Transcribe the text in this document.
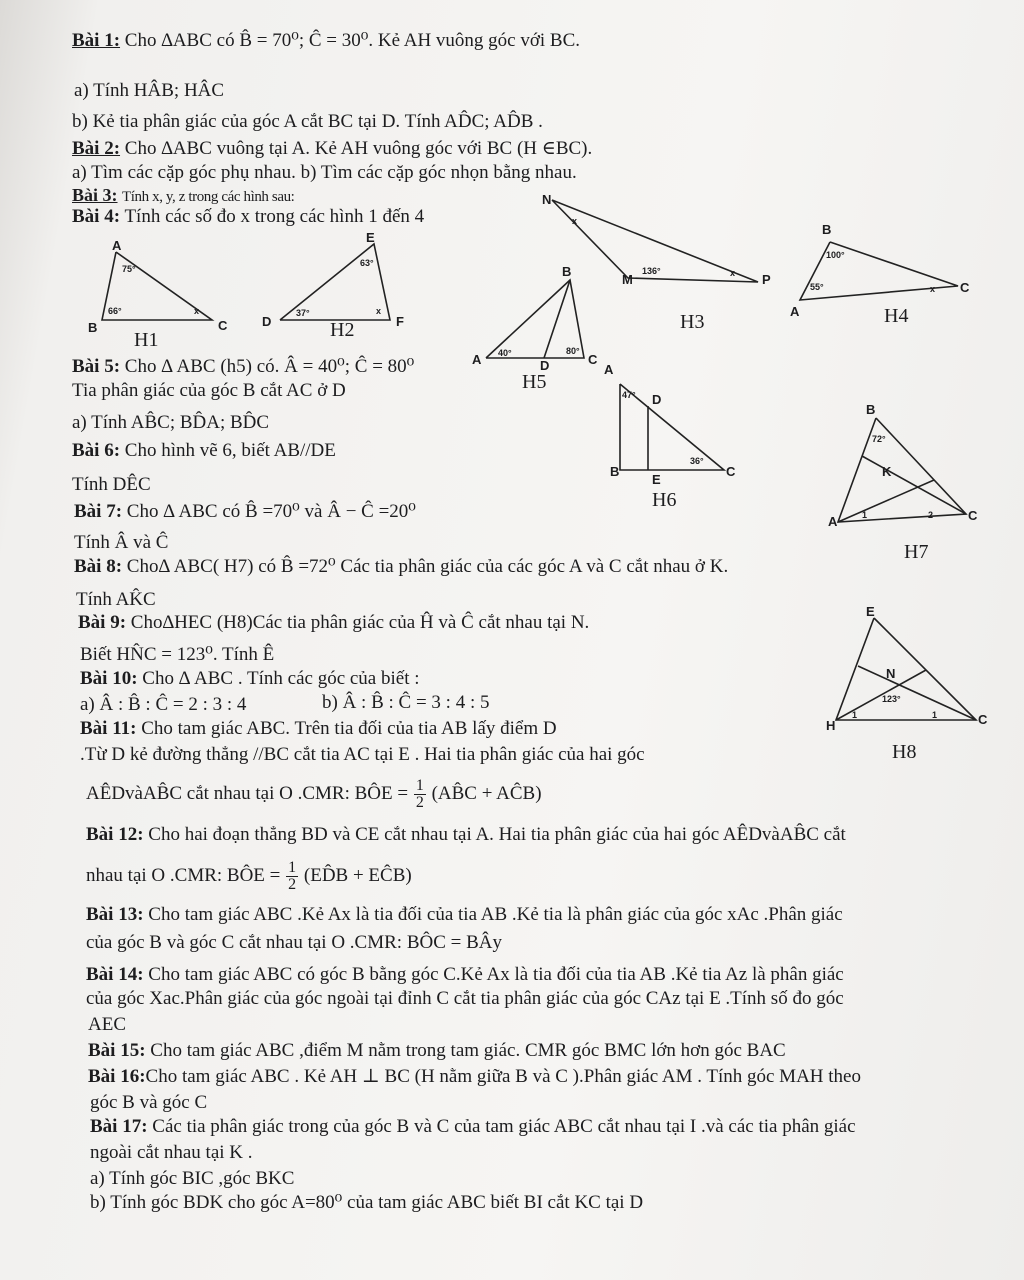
Bài 1: Cho ∆ABC có B̂ = 70⁰; Ĉ = 30⁰. Kẻ AH vuông góc với BC.
a) Tính HÂB; HÂC
b) Kẻ tia phân giác của góc A cắt BC tại D. Tính AD̂C; AD̂B .
Bài 2: Cho ∆ABC vuông tại A. Kẻ AH vuông góc với BC (H ∈BC).
a) Tìm các cặp góc phụ nhau. b) Tìm các cặp góc nhọn bằng nhau.
Bài 3: Tính x, y, z trong các hình sau:
Bài 4: Tính các số đo x trong các hình 1 đến 4
Bài 5: Cho ∆ ABC (h5) có. Â = 40⁰; Ĉ = 80⁰
Tia phân giác của góc B cắt AC ở D
a) Tính AB̂C; BD̂A; BD̂C
Bài 6: Cho hình vẽ 6, biết AB//DE
Tính DÊC
Bài 7: Cho ∆ ABC có B̂ =70⁰ và Â − Ĉ =20⁰
Tính Â và Ĉ
Bài 8: Cho∆ ABC( H7) có B̂ =72⁰ Các tia phân giác của các góc A và C cắt nhau ở K.
Tính AK̂C
Bài 9: Cho∆HEC (H8)Các tia phân giác của Ĥ và Ĉ cắt nhau tại N.
Biết HN̂C = 123⁰. Tính Ê
Bài 10: Cho ∆ ABC . Tính các góc của biết :
a) Â : B̂ : Ĉ = 2 : 3 : 4	b) Â : B̂ : Ĉ = 3 : 4 : 5
Bài 11: Cho tam giác ABC. Trên tia đối của tia AB lấy điểm D
.Từ D kẻ đường thẳng //BC cắt tia AC tại E . Hai tia phân giác của hai góc
AÊDvàAB̂C cắt nhau tại O .CMR: BÔE = $\frac{1}{2}$ (AB̂C + AĈB)
Bài 12: Cho hai đoạn thẳng BD và CE cắt nhau tại A. Hai tia phân giác của hai góc AÊDvàAB̂C cắt
nhau tại O .CMR: BÔE = $\frac{1}{2}$ (ED̂B + EĈB)
Bài 13: Cho tam giác ABC .Kẻ Ax là tia đối của tia AB .Kẻ tia là phân giác của góc xAc .Phân giác
của góc B và góc C cắt nhau tại O .CMR: BÔC = BÂy
Bài 14: Cho tam giác ABC có góc B bằng góc C.Kẻ Ax là tia đối của tia AB .Kẻ tia Az là phân giác
của góc Xac.Phân giác của góc ngoài tại đỉnh C cắt tia phân giác của góc CAz tại E .Tính số đo góc
AEC
Bài 15: Cho tam giác ABC ,điểm M nằm trong tam giác. CMR góc BMC lớn hơn góc BAC
Bài 16:Cho tam giác ABC . Kẻ AH ⊥ BC (H nằm giữa B và C ).Phân giác AM . Tính góc MAH theo
góc B và góc C
Bài 17: Các tia phân giác trong của góc B và C của tam giác ABC cắt nhau tại I .và các tia phân giác
ngoài cắt nhau tại K .
a) Tính góc BIC ,góc BKC
b) Tính góc BDK cho góc A=80⁰ của tam giác ABC biết BI cắt KC tại D
A
B	C
75°
66°	x
H1
E
D	F
63°
37°	x
H2
N
M	P
136°
x
x
H3
B
A
C
100°
55°	x
H4
B
A	C
D
40°	80°
H5
A
D
B
E
C
47°
36°
H6
B
K
A	C
72°
1	2
H7
E
N
H	C
123°
1	1
H8
